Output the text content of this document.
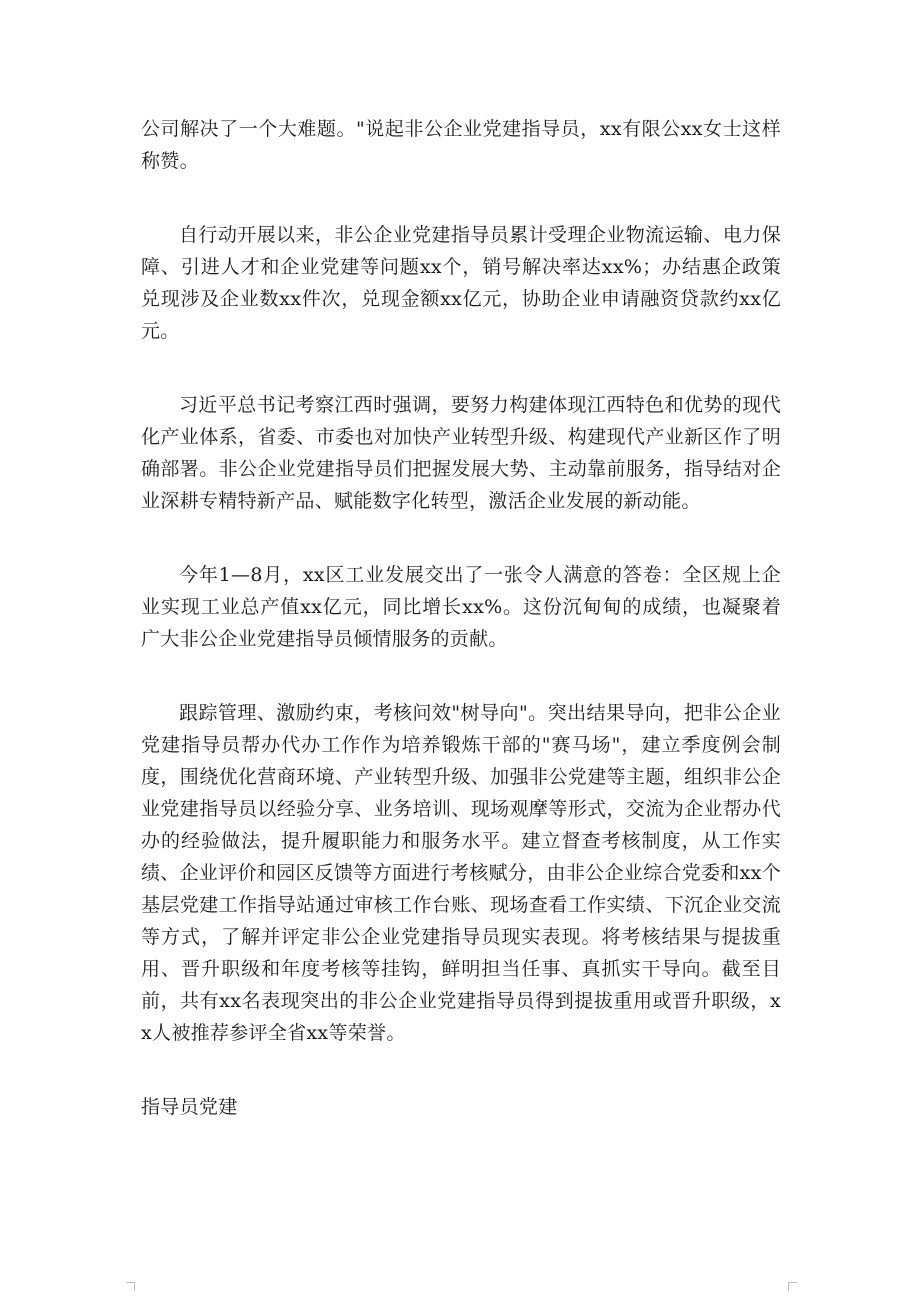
公司解决了一个大难题。"说起非公企业党建指导员，xx有限公xx女士这样称赞。

自行动开展以来，非公企业党建指导员累计受理企业物流运输、电力保障、引进人才和企业党建等问题xx个，销号解决率达xx%；办结惠企政策兑现涉及企业数xx件次，兑现金额xx亿元，协助企业申请融资贷款约xx亿元。

习近平总书记考察江西时强调，要努力构建体现江西特色和优势的现代化产业体系，省委、市委也对加快产业转型升级、构建现代产业新区作了明确部署。非公企业党建指导员们把握发展大势、主动靠前服务，指导结对企业深耕专精特新产品、赋能数字化转型，激活企业发展的新动能。

今年1—8月，xx区工业发展交出了一张令人满意的答卷：全区规上企业实现工业总产值xx亿元，同比增长xx%。这份沉甸甸的成绩，也凝聚着广大非公企业党建指导员倾情服务的贡献。

跟踪管理、激励约束，考核问效"树导向"。突出结果导向，把非公企业党建指导员帮办代办工作作为培养锻炼干部的"赛马场"，建立季度例会制度，围绕优化营商环境、产业转型升级、加强非公党建等主题，组织非公企业党建指导员以经验分享、业务培训、现场观摩等形式，交流为企业帮办代办的经验做法，提升履职能力和服务水平。建立督查考核制度，从工作实绩、企业评价和园区反馈等方面进行考核赋分，由非公企业综合党委和xx个基层党建工作指导站通过审核工作台账、现场查看工作实绩、下沉企业交流等方式，了解并评定非公企业党建指导员现实表现。将考核结果与提拔重用、晋升职级和年度考核等挂钩，鲜明担当任事、真抓实干导向。截至目前，共有xx名表现突出的非公企业党建指导员得到提拔重用或晋升职级，xx人被推荐参评全省xx等荣誉。

指导员党建
